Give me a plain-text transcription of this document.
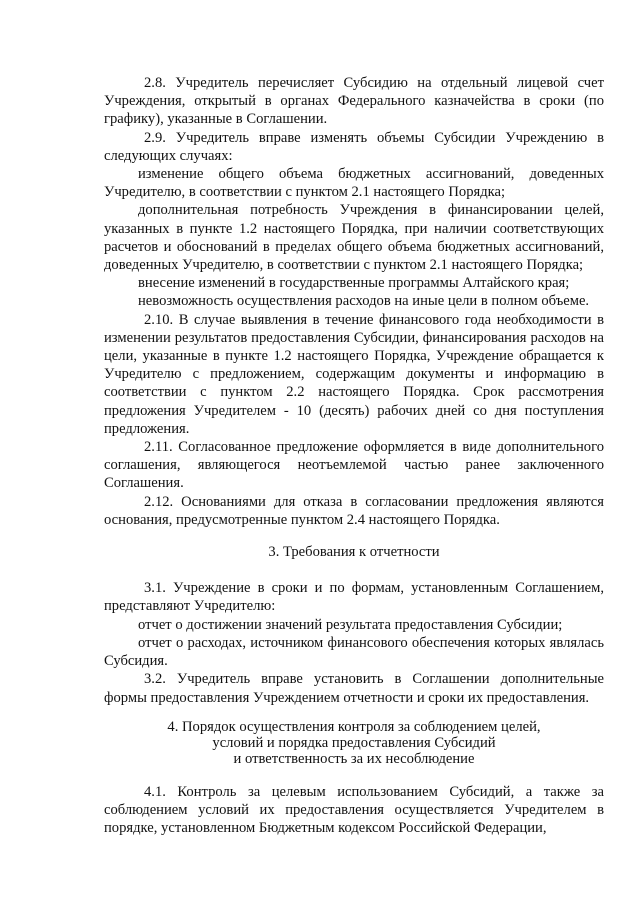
2.8. Учредитель перечисляет Субсидию на отдельный лицевой счет Учреждения, открытый в органах Федерального казначейства в сроки (по графику), указанные в Соглашении.

2.9. Учредитель вправе изменять объемы Субсидии Учреждению в следующих случаях:

изменение общего объема бюджетных ассигнований, доведенных Учредителю, в соответствии с пунктом 2.1 настоящего Порядка;

дополнительная потребность Учреждения в финансировании целей, указанных в пункте 1.2 настоящего Порядка, при наличии соответствующих расчетов и обоснований в пределах общего объема бюджетных ассигнований, доведенных Учредителю, в соответствии с пунктом 2.1 настоящего Порядка;

внесение изменений в государственные программы Алтайского края;

невозможность осуществления расходов на иные цели в полном объеме.

2.10. В случае выявления в течение финансового года необходимости в изменении результатов предоставления Субсидии, финансирования расходов на цели, указанные в пункте 1.2 настоящего Порядка, Учреждение обращается к Учредителю с предложением, содержащим документы и информацию в соответствии с пунктом 2.2 настоящего Порядка. Срок рассмотрения предложения Учредителем - 10 (десять) рабочих дней со дня поступления предложения.

2.11. Согласованное предложение оформляется в виде дополнительного соглашения, являющегося неотъемлемой частью ранее заключенного Соглашения.

2.12. Основаниями для отказа в согласовании предложения являются основания, предусмотренные пунктом 2.4 настоящего Порядка.

3. Требования к отчетности

3.1. Учреждение в сроки и по формам, установленным Соглашением, представляют Учредителю:

отчет о достижении значений результата предоставления Субсидии;

отчет о расходах, источником финансового обеспечения которых являлась Субсидия.

3.2. Учредитель вправе установить в Соглашении дополнительные формы предоставления Учреждением отчетности и сроки их предоставления.

4. Порядок осуществления контроля за соблюдением целей,
условий и порядка предоставления Субсидий
и ответственность за их несоблюдение

4.1. Контроль за целевым использованием Субсидий, а также за соблюдением условий их предоставления осуществляется Учредителем в порядке, установленном Бюджетным кодексом Российской Федерации,
